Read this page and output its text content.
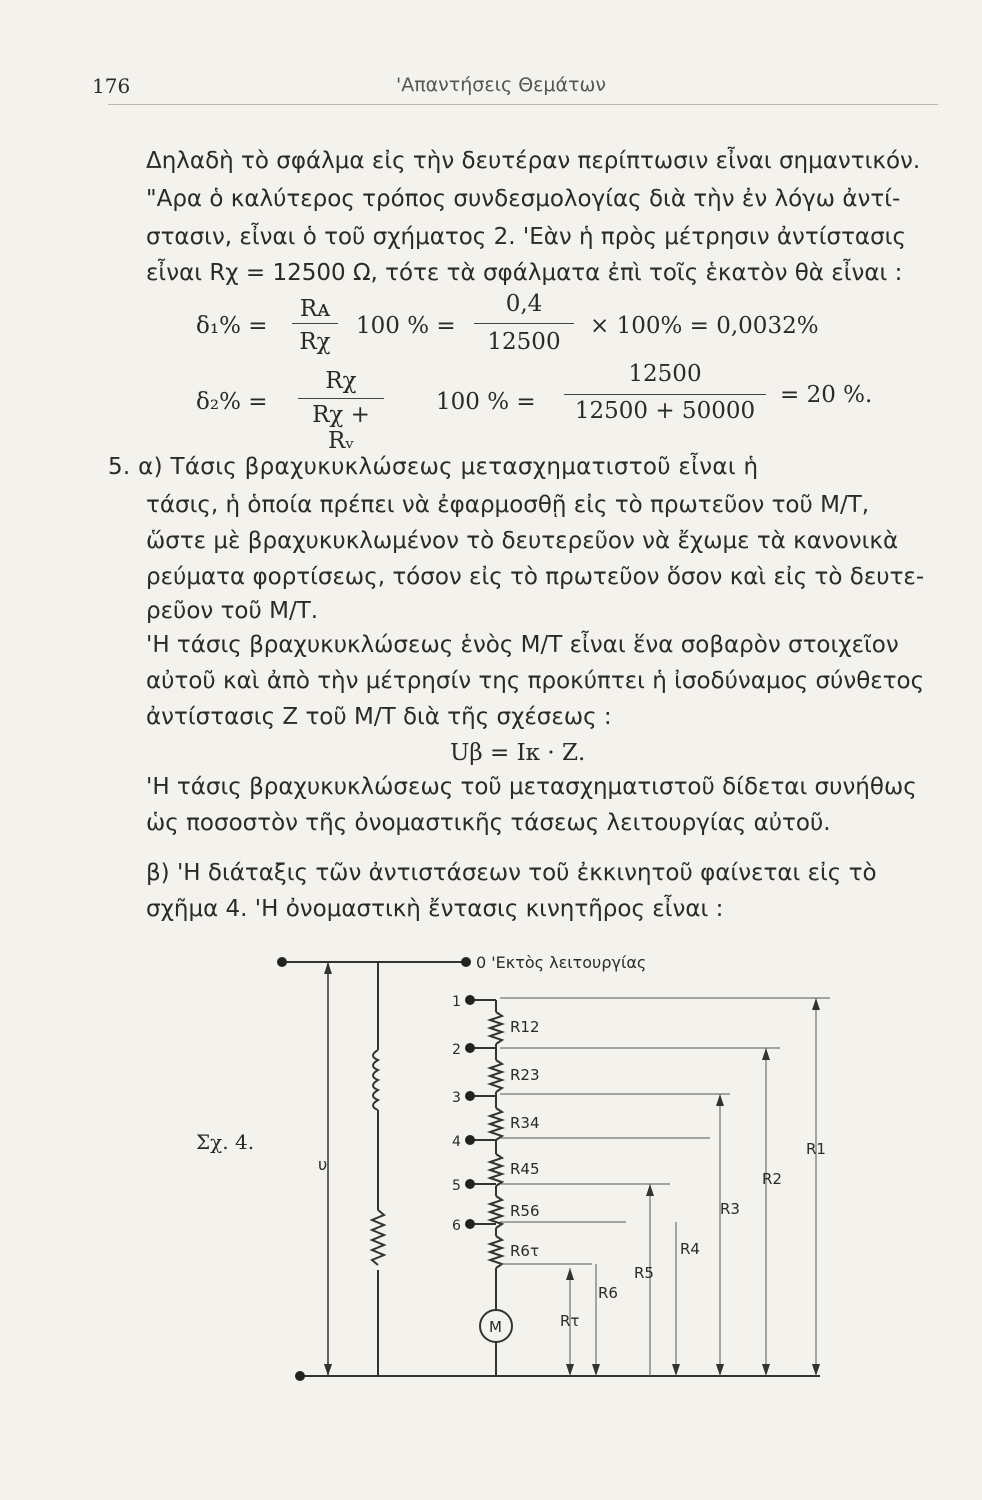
176	'Απαντήσεις Θεμάτων
Δηλαδὴ τὸ σφάλμα εἰς τὴν δευτέραν περίπτωσιν εἶναι σημαντικόν.
"Αρα ὁ καλύτερος τρόπος συνδεσμολογίας διὰ τὴν ἐν λόγω ἀντί-
στασιν, εἶναι ὁ τοῦ σχήματος 2. 'Εὰν ἡ πρὸς μέτρησιν ἀντίστασις
εἶναι Rχ = 12500 Ω, τότε τὰ σφάλματα ἐπὶ τοῖς ἑκατὸν θὰ εἶναι :
δ₁% =
Rᴀ
Rχ
100 % =
0,4
12500
× 100% = 0,0032%
δ₂% =
Rχ
Rχ + Rᵥ
100 % =
12500
12500 + 50000
= 20 %.
5. α) Τάσις βραχυκυκλώσεως μετασχηματιστοῦ εἶναι ἡ
τάσις, ἡ ὁποία πρέπει νὰ ἐφαρμοσθῇ εἰς τὸ πρωτεῦον τοῦ Μ/Τ,
ὥστε μὲ βραχυκυκλωμένον τὸ δευτερεῦον νὰ ἔχωμε τὰ κανονικὰ
ρεύματα φορτίσεως, τόσον εἰς τὸ πρωτεῦον ὅσον καὶ εἰς τὸ δευτε-
ρεῦον τοῦ Μ/Τ.
'Η τάσις βραχυκυκλώσεως ἑνὸς Μ/Τ εἶναι ἕνα σοβαρὸν στοιχεῖον
αὐτοῦ καὶ ἀπὸ τὴν μέτρησίν της προκύπτει ἡ ἰσοδύναμος σύνθετος
ἀντίστασις Ζ τοῦ Μ/Τ διὰ τῆς σχέσεως :
Uβ = Iκ · Ζ.
'Η τάσις βραχυκυκλώσεως τοῦ μετασχηματιστοῦ δίδεται συνήθως
ὡς ποσοστὸν τῆς ὀνομαστικῆς τάσεως λειτουργίας αὐτοῦ.
β) 'Η διάταξις τῶν ἀντιστάσεων τοῦ ἐκκινητοῦ φαίνεται εἰς τὸ
σχῆμα 4. 'Η ὀνομαστικὴ ἔντασις κινητῆρος εἶναι :
Σχ. 4.
0 'Εκτὸς λειτουργίας
υ
1
2
3
4
5
6
R12
R23
R34
R45
R56
R6τ
M	Rτ
R6
R5
R4
R3
R2
R1
